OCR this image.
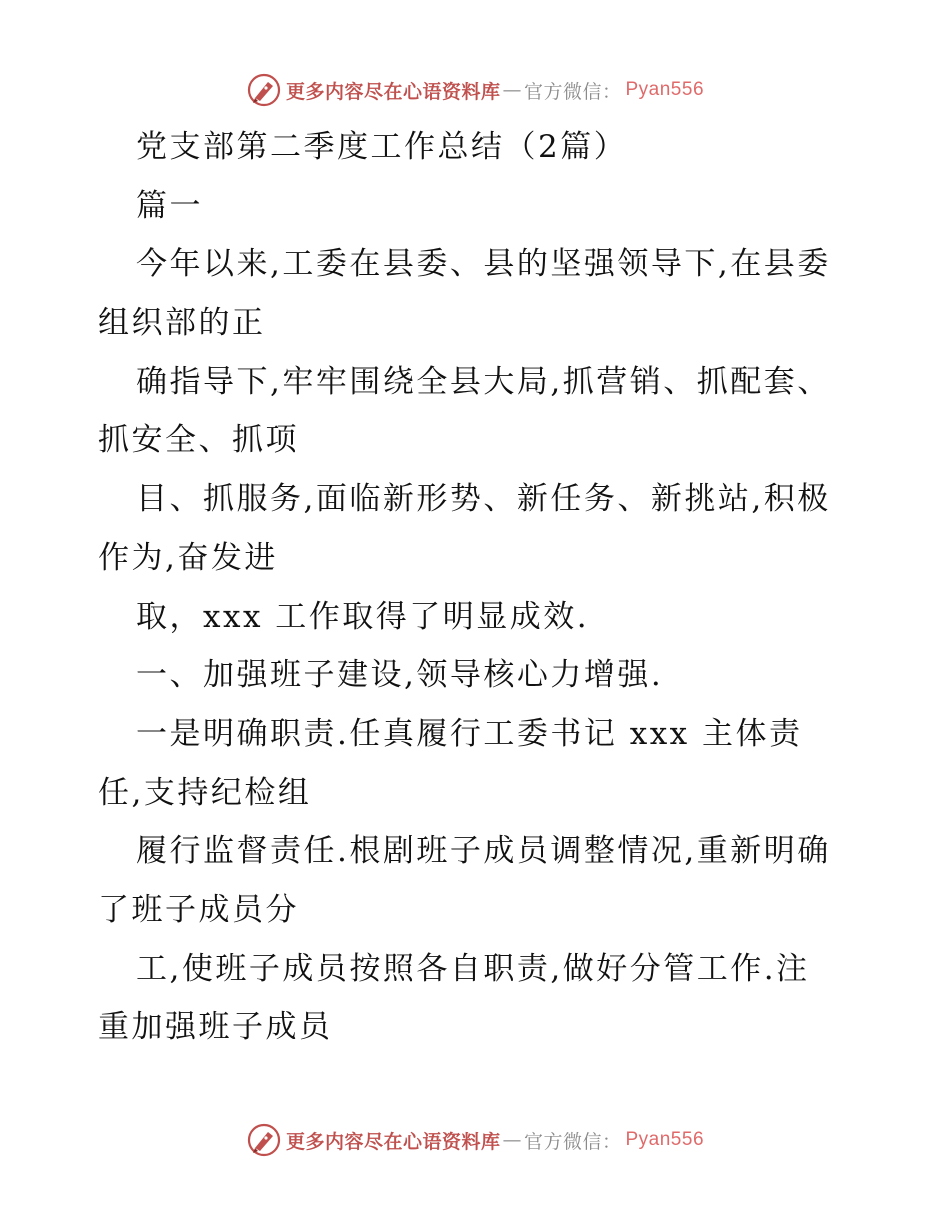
更多内容尽在心语资料库 — 官方微信： Pyan556
党支部第二季度工作总结（2篇）
篇一
今年以来,工委在县委、县的坚强领导下,在县委
组织部的正
确指导下,牢牢围绕全县大局,抓营销、抓配套、
抓安全、抓项
目、抓服务,面临新形势、新任务、新挑站,积极
作为,奋发进
取，xxx 工作取得了明显成效.
一、加强班子建设,领导核心力增强.
一是明确职责.任真履行工委书记 xxx 主体责
任,支持纪检组
履行监督责任.根剧班子成员调整情况,重新明确
了班子成员分
工,使班子成员按照各自职责,做好分管工作.注
重加强班子成员
更多内容尽在心语资料库 — 官方微信： Pyan556
